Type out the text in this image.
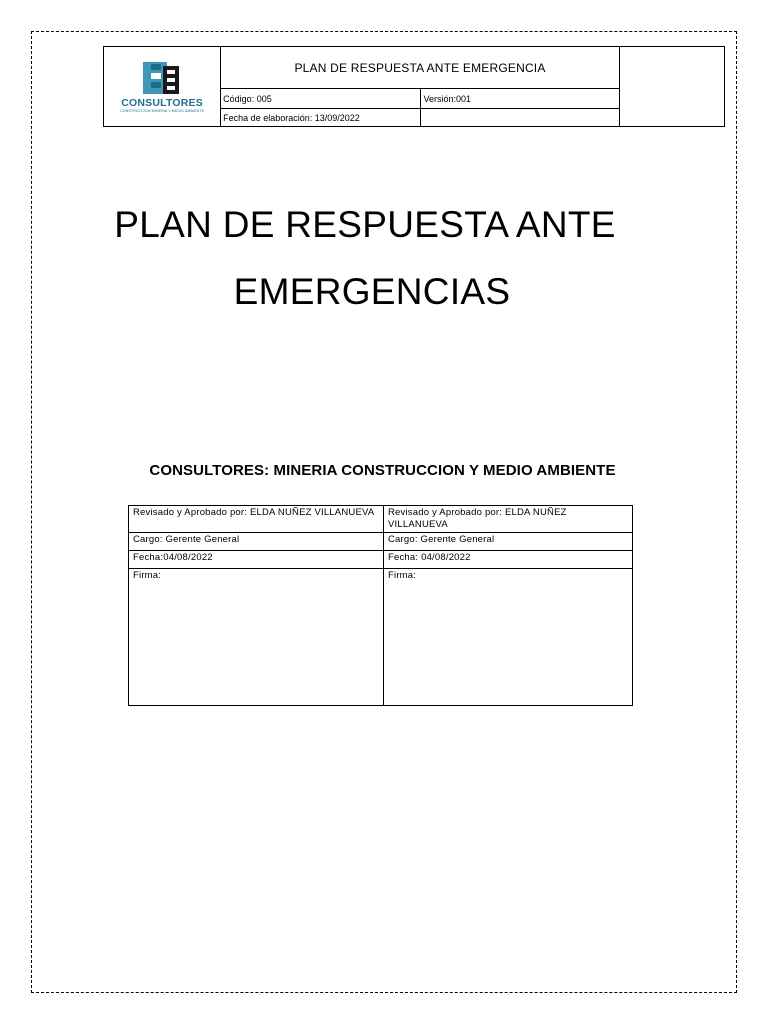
CONSULTORES
CONSTRUCCION MINERIA Y MEDIO AMBIENTE	PLAN DE RESPUESTA ANTE EMERGENCIA		
	Código: 005	Versión:001	
	Fecha de elaboración: 13/09/2022		
PLAN DE RESPUESTA ANTE
EMERGENCIAS
CONSULTORES: MINERIA CONSTRUCCION Y MEDIO AMBIENTE
Revisado y Aprobado por: ELDA NUÑEZ VILLANUEVA	Revisado y Aprobado por: ELDA NUÑEZ VILLANUEVA
Cargo: Gerente General	Cargo: Gerente General
Fecha:04/08/2022	Fecha: 04/08/2022
Firma:	Firma:
